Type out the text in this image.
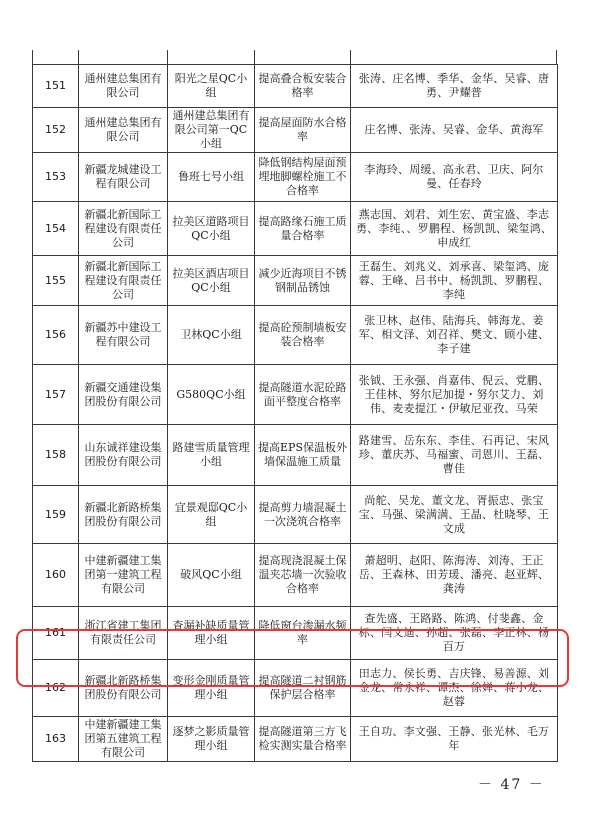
151	通州建总集团有限公司	阳光之星QC小组	提高叠合板安装合格率	张涛、庄名博、季华、金华、吴睿、唐勇、尹耀普
152	通州建总集团有限公司	通州建总集团有限公司第一QC小组	提高屋面防水合格率	庄名博、张涛、吴睿、金华、黄海军
153	新疆龙城建设工程有限公司	鲁班七号小组	降低钢结构屋面预埋地脚螺栓施工不合格率	李海玲、周缓、高永君、卫庆、阿尔曼、任春玲
154	新疆北新国际工程建设有限责任公司	拉美区道路项目QC小组	提高路缘石施工质量合格率	燕志国、刘君、刘生宏、黄宝盛、李志勇、李纯、、罗鹏程、杨凯凯、梁玺鸿、申成红
155	新疆北新国际工程建设有限责任公司	拉美区酒店项目QC小组	减少近海项目不锈钢制品锈蚀	王磊生、刘兆义、刘承喜、梁玺鸿、庞蓉、王峰、吕书中、杨凯凯、罗鹏程、李纯
156	新疆苏中建设工程有限公司	卫林QC小组	提高砼预制墙板安装合格率	张卫林、赵伟、陆海兵、韩海龙、姜军、相文泽、刘召祥、樊文、顾小建、李子建
157	新疆交通建设集团股份有限公司	G580QC小组	提高隧道水泥砼路面平整度合格率	张钺、王永强、肖嘉伟、倪云、党鹏、王佳林、努尔尼加提・努尔艾力、刘伟、麦麦提江・伊敏尼亚孜、马荣
158	山东诚祥建设集团股份有限公司	路建雪质量管理小组	提高EPS保温板外墙保温施工质量	路建雪、岳东东、李佳、石再记、宋风珍、董庆苏、马福蜜、司恩川、王磊、曹佳
159	新疆北新路桥集团股份有限公司	宜景观邸QC小组	提高剪力墙混凝土一次浇筑合格率	尚舵、吴龙、董文龙、胥振忠、张宝宝、马强、梁满满、王晶、杜晓琴、王文成
160	中建新疆建工集团第一建筑工程有限公司	破风QC小组	提高现浇混凝土保温夹芯墙一次验收合格率	萧超明、赵阳、陈海涛、刘涛、王正岳、王森林、田芳瑗、潘亮、赵亚辉、龚涛
161	浙江省建工集团有限责任公司	查漏补缺质量管理小组	降低窗台渗漏水频率	查先盛、王路路、陈鸿、付斐鑫、金标、闫文迪、孙超、张磊、李正林、杨百万
162	新疆北新路桥集团股份有限公司	变形金刚质量管理小组	提高隧道二衬钢筋保护层合格率	田志力、侯长勇、吉庆锋、易善源、刘金龙、常永祥、谭杰、徐婵、蒋小龙、赵蓉
163	中建新疆建工集团第五建筑工程有限公司	逐梦之影质量管理小组	提高隧道第三方飞检实测实量合格率	王自功、李文强、王静、张光林、毛万年
－ 47 －
